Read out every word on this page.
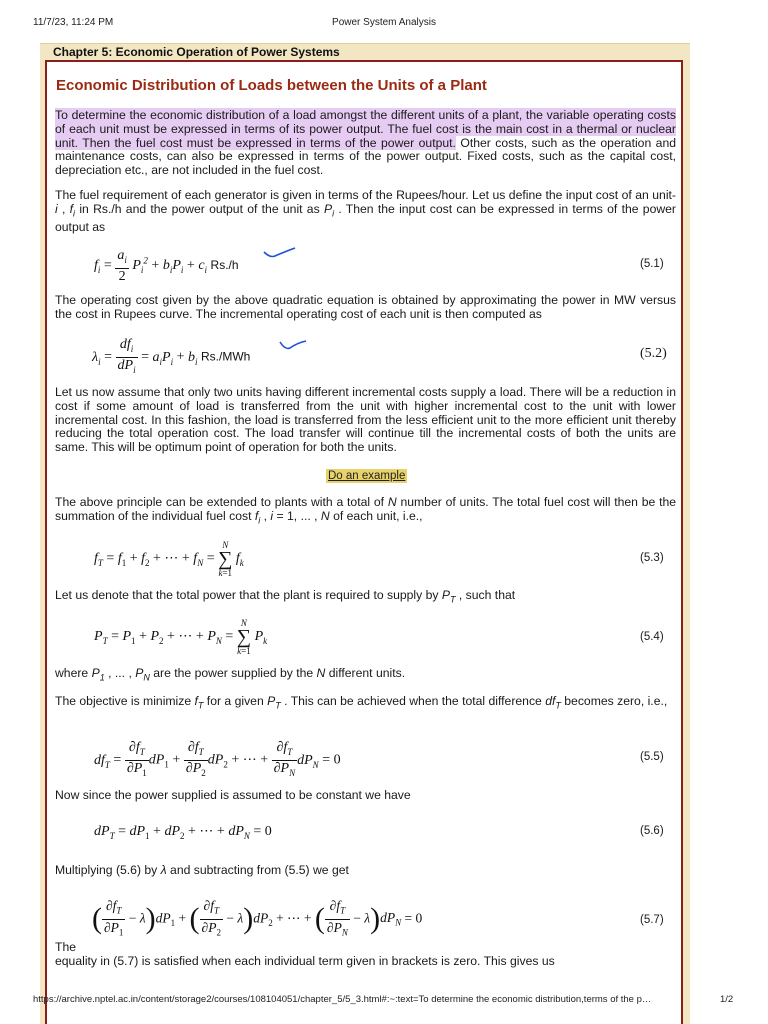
11/7/23, 11:24 PM	Power System Analysis
Chapter 5: Economic Operation of Power Systems
Economic Distribution of Loads between the Units of a Plant
To determine the economic distribution of a load amongst the different units of a plant, the variable operating costs of each unit must be expressed in terms of its power output. The fuel cost is the main cost in a thermal or nuclear unit. Then the fuel cost must be expressed in terms of the power output. Other costs, such as the operation and maintenance costs, can also be expressed in terms of the power output. Fixed costs, such as the capital cost, depreciation etc., are not included in the fuel cost.
The fuel requirement of each generator is given in terms of the Rupees/hour. Let us define the input cost of an unit- i , $f_i$ in Rs./h and the power output of the unit as $P_i$ . Then the input cost can be expressed in terms of the power output as
$f_i = \frac{a_i}{2} P_i^2 + b_iP_i + c_i$ Rs./h	(5.1)
The operating cost given by the above quadratic equation is obtained by approximating the power in MW versus the cost in Rupees curve. The incremental operating cost of each unit is then computed as
$\lambda_i = \frac{df_i}{dP_i} = a_iP_i + b_i$ Rs./MWh	(5.2)
Let us now assume that only two units having different incremental costs supply a load. There will be a reduction in cost if some amount of load is transferred from the unit with higher incremental cost to the unit with lower incremental cost. In this fashion, the load is transferred from the less efficient unit to the more efficient unit thereby reducing the total operation cost. The load transfer will continue till the incremental costs of both the units are same. This will be optimum point of operation for both the units.
Do an example
The above principle can be extended to plants with a total of N number of units. The total fuel cost will then be the summation of the individual fuel cost $f_i$ , i = 1, ... , N of each unit, i.e.,
$f_T = f_1 + f_2$ + ⋯ + $f_N$ =
N
∑
k=1
$f_k$	(5.3)
Let us denote that the total power that the plant is required to supply by $P_T$ , such that
$P_T = P_1 + P_2$ + ⋯ + $P_N$ =
N
∑
k=1
$P_k$	(5.4)
where $P_1$ , ... , $P_N$ are the power supplied by the N different units.
The objective is minimize $f_T$ for a given $P_T$ . This can be achieved when the total difference $df_T$ becomes zero, i.e.,
$df_T = \frac{\partial f_T}{\partial P_1} dP_1 + \frac{\partial f_T}{\partial P_2} dP_2$ + ⋯ + $\frac{\partial f_T}{\partial P_N} dP_N = 0$	(5.5)
Now since the power supplied is assumed to be constant we have
$dP_T = dP_1 + dP_2$ + ⋯ + $dP_N = 0$	(5.6)
Multiplying (5.6) by λ and subtracting from (5.5) we get
( $\frac{\partial f_T}{\partial P_1} - \lambda)dP_1$ + ( $\frac{\partial f_T}{\partial P_2} - \lambda)dP_2$ + ⋯ + ( $\frac{\partial f_T}{\partial P_N} - \lambda)dP_N = 0$	(5.7)
The
equality in (5.7) is satisfied when each individual term given in brackets is zero. This gives us
https://archive.nptel.ac.in/content/storage2/courses/108104051/chapter_5/5_3.html#:~:text=To determine the economic distribution,terms of the p…	1/2
